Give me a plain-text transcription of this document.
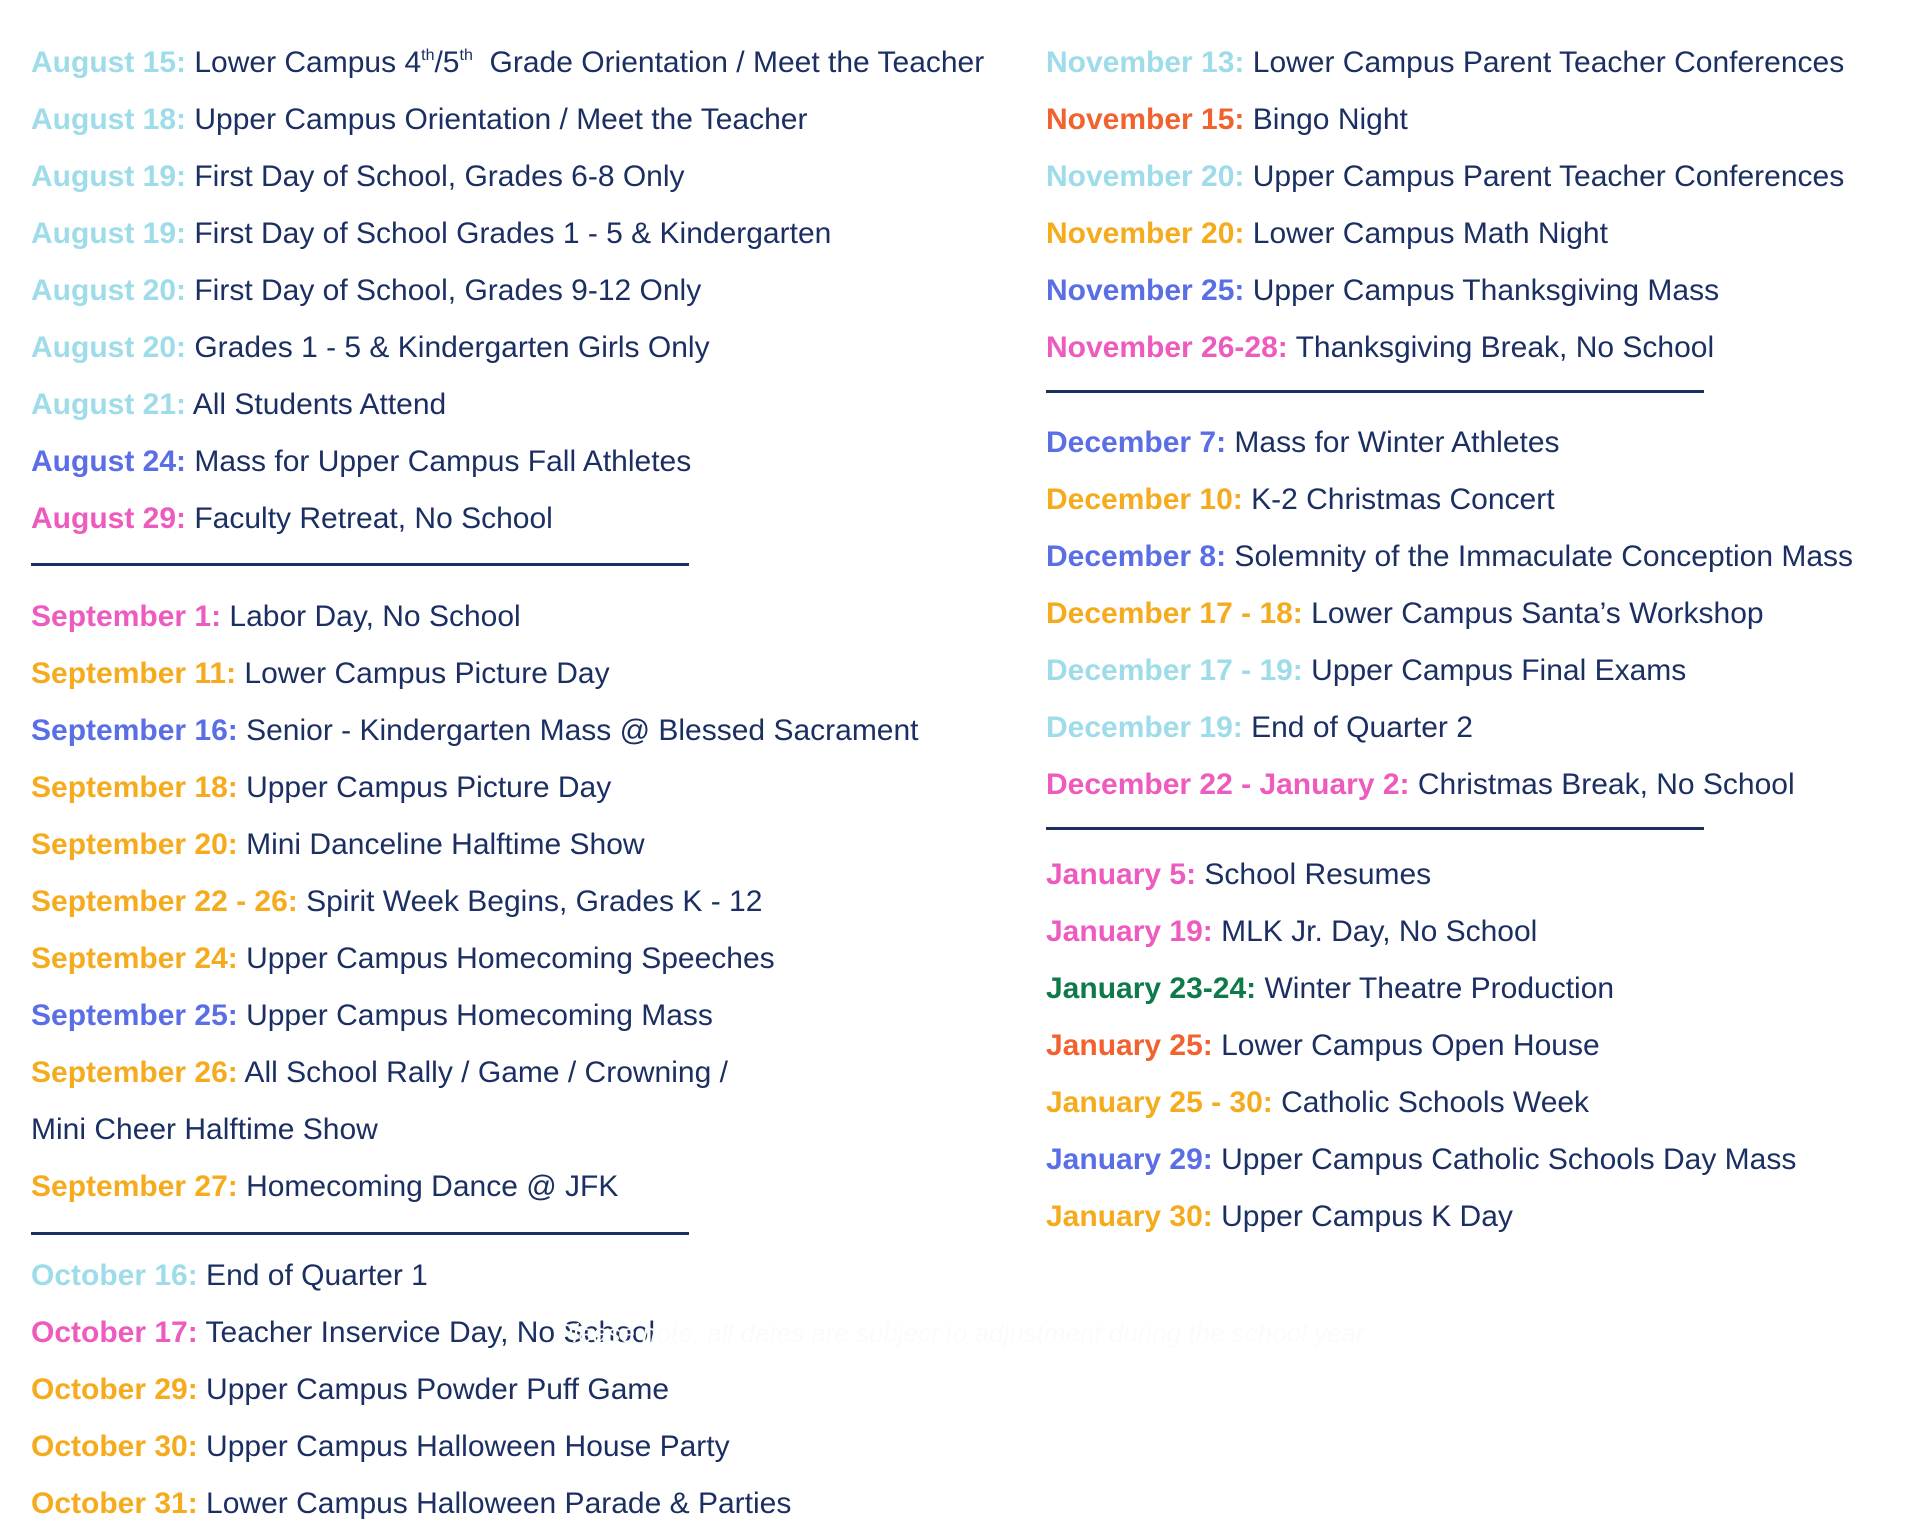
August 15: Lower Campus 4th/5th  Grade Orientation / Meet the Teacher
August 18: Upper Campus Orientation / Meet the Teacher
August 19: First Day of School, Grades 6-8 Only
August 19: First Day of School Grades 1 - 5 & Kindergarten
August 20: First Day of School, Grades 9-12 Only
August 20: Grades 1 - 5 & Kindergarten Girls Only
August 21: All Students Attend
August 24: Mass for Upper Campus Fall Athletes
August 29: Faculty Retreat, No School
September 1: Labor Day, No School
September 11: Lower Campus Picture Day
September 16: Senior - Kindergarten Mass @ Blessed Sacrament
September 18: Upper Campus Picture Day
September 20: Mini Danceline Halftime Show
September 22 - 26: Spirit Week Begins, Grades K - 12
September 24: Upper Campus Homecoming Speeches
September 25: Upper Campus Homecoming Mass
September 26: All School Rally / Game / Crowning /
Mini Cheer Halftime Show
September 27: Homecoming Dance @ JFK
October 16: End of Quarter 1
October 17: Teacher Inservice Day, No School
October 29: Upper Campus Powder Puff Game
October 30: Upper Campus Halloween House Party
October 31: Lower Campus Halloween Parade & Parties
November 13: Lower Campus Parent Teacher Conferences
November 15: Bingo Night
November 20: Upper Campus Parent Teacher Conferences
November 20: Lower Campus Math Night
November 25: Upper Campus Thanksgiving Mass
November 26-28: Thanksgiving Break, No School
December 7: Mass for Winter Athletes
December 10: K-2 Christmas Concert
December 8: Solemnity of the Immaculate Conception Mass
December 17 - 18: Lower Campus Santa’s Workshop
December 17 - 19: Upper Campus Final Exams
December 19: End of Quarter 2
December 22 - January 2: Christmas Break, No School
January 5: School Resumes
January 19: MLK Jr. Day, No School
January 23-24: Winter Theatre Production
January 25: Lower Campus Open House
January 25 - 30: Catholic Schools Week
January 29: Upper Campus Catholic Schools Day Mass
January 30: Upper Campus K Day
Please note, all dates are subject to adjustment during the school year
